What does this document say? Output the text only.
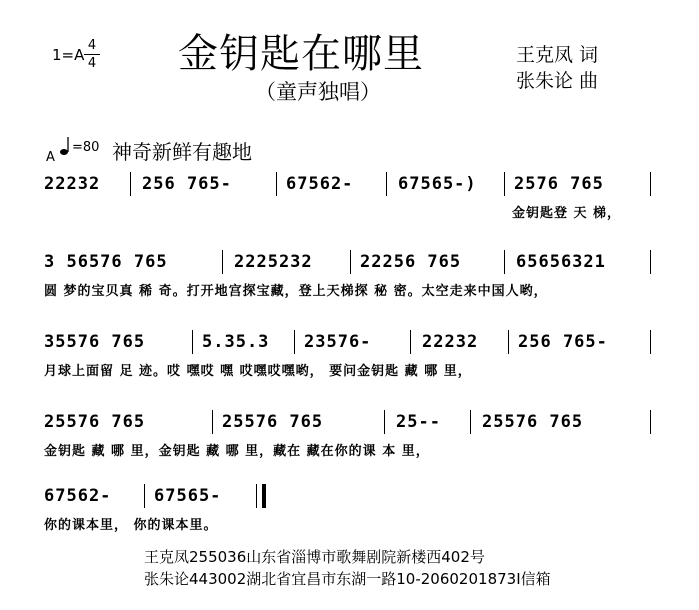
1=A
4
4 金钥匙在哪里
（童声独唱）
王克凤 词
张朱论 曲
A
=80 神奇新鲜有趣地
22232 256 765-	67562-	67565-) 2576 765
金钥匙登 天 梯，
3 56576 765	2225232	22256 765	65656321
圆 梦的宝贝真 稀 奇。打开地宫探宝藏，登上天梯探 秘 密。太空走来中国人哟，
35576 765	5.35.3 23576-	22232 256 765-
月球上面留 足 迹。哎 嘿哎 嘿 哎嘿哎嘿哟， 要问金钥匙 藏 哪 里，
25576 765	25576 765	25-- 25576 765
金钥匙 藏 哪 里，金钥匙 藏 哪 里，藏在 藏在你的课 本 里，
67562-	67565-
你的课本里， 你的课本里。
王克凤255036山东省淄博市歌舞剧院新楼西402号
张朱论443002湖北省宜昌市东湖一路10-2060201873I信箱
